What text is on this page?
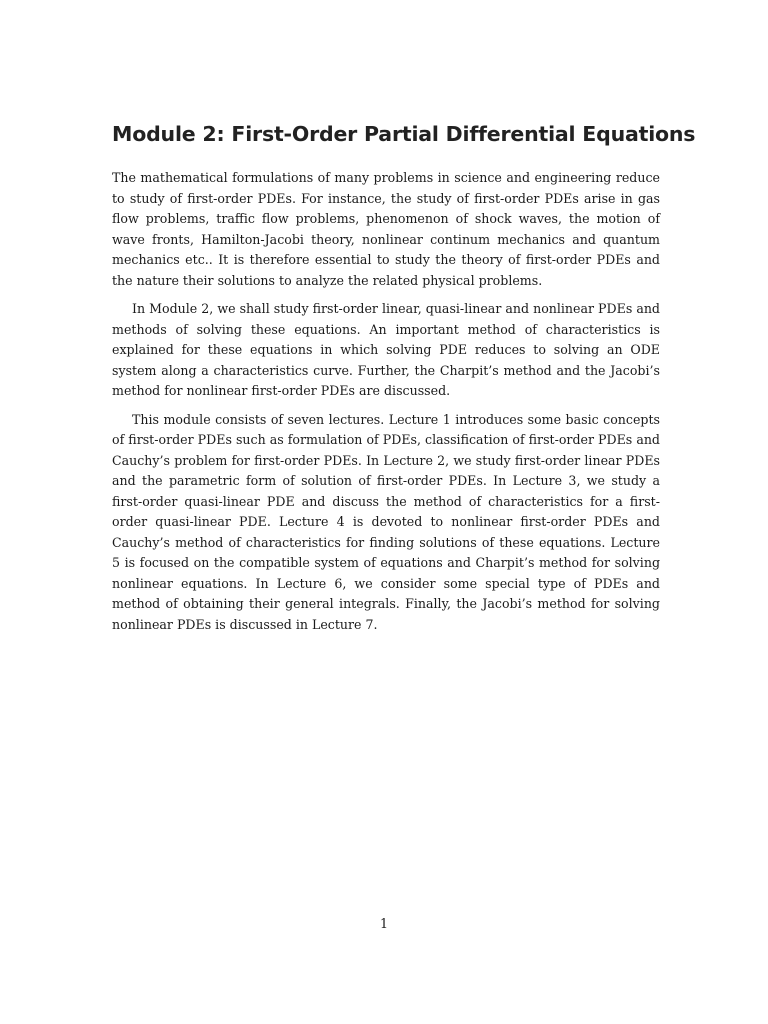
Module 2: First-Order Partial Differential Equations

The mathematical formulations of many problems in science and engineering reduce to study of first-order PDEs. For instance, the study of first-order PDEs arise in gas flow problems, traffic flow problems, phenomenon of shock waves, the motion of wave fronts, Hamilton-Jacobi theory, nonlinear continum mechanics and quantum mechanics etc.. It is therefore essential to study the theory of first-order PDEs and the nature their solutions to analyze the related physical problems.

In Module 2, we shall study first-order linear, quasi-linear and nonlinear PDEs and methods of solving these equations. An important method of characteristics is explained for these equations in which solving PDE reduces to solving an ODE system along a characteristics curve. Further, the Charpit’s method and the Jacobi’s method for nonlinear first-order PDEs are discussed.

This module consists of seven lectures. Lecture 1 introduces some basic concepts of first-order PDEs such as formulation of PDEs, classification of first-order PDEs and Cauchy’s problem for first-order PDEs. In Lecture 2, we study first-order linear PDEs and the parametric form of solution of first-order PDEs. In Lecture 3, we study a first-order quasi-linear PDE and discuss the method of characteristics for a first-order quasi-linear PDE. Lecture 4 is devoted to nonlinear first-order PDEs and Cauchy’s method of characteristics for finding solutions of these equations. Lecture 5 is focused on the compatible system of equations and Charpit’s method for solving nonlinear equations. In Lecture 6, we consider some special type of PDEs and method of obtaining their general integrals. Finally, the Jacobi’s method for solving nonlinear PDEs is discussed in Lecture 7.

1
